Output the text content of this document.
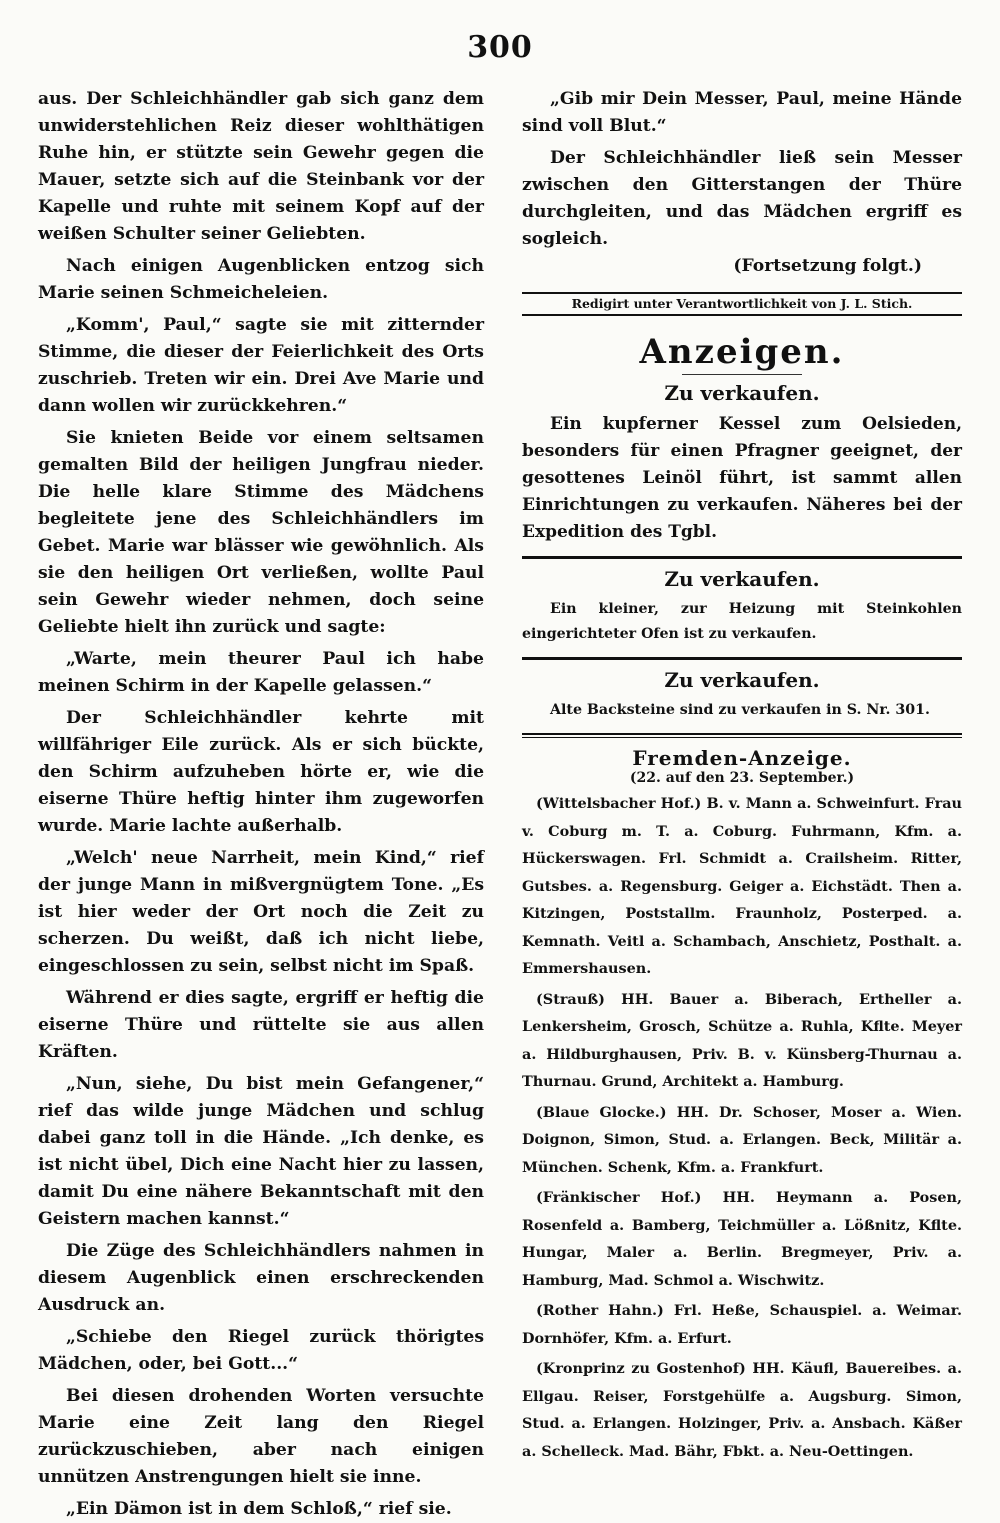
300

aus. Der Schleichhändler gab sich ganz dem unwiderstehlichen Reiz dieser wohlthätigen Ruhe hin, er stützte sein Gewehr gegen die Mauer, setzte sich auf die Steinbank vor der Kapelle und ruhte mit seinem Kopf auf der weißen Schulter seiner Geliebten.

Nach einigen Augenblicken entzog sich Marie seinen Schmeicheleien.

„Komm', Paul,“ sagte sie mit zitternder Stimme, die dieser der Feierlichkeit des Orts zuschrieb. Treten wir ein. Drei Ave Marie und dann wollen wir zurückkehren.“

Sie knieten Beide vor einem seltsamen gemalten Bild der heiligen Jungfrau nieder. Die helle klare Stimme des Mädchens begleitete jene des Schleichhändlers im Gebet. Marie war blässer wie gewöhnlich. Als sie den heiligen Ort verließen, wollte Paul sein Gewehr wieder nehmen, doch seine Geliebte hielt ihn zurück und sagte:

„Warte, mein theurer Paul ich habe meinen Schirm in der Kapelle gelassen.“

Der Schleichhändler kehrte mit willfähriger Eile zurück. Als er sich bückte, den Schirm aufzuheben hörte er, wie die eiserne Thüre heftig hinter ihm zugeworfen wurde. Marie lachte außerhalb.

„Welch' neue Narrheit, mein Kind,“ rief der junge Mann in mißvergnügtem Tone. „Es ist hier weder der Ort noch die Zeit zu scherzen. Du weißt, daß ich nicht liebe, eingeschlossen zu sein, selbst nicht im Spaß.

Während er dies sagte, ergriff er heftig die eiserne Thüre und rüttelte sie aus allen Kräften.

„Nun, siehe, Du bist mein Gefangener,“ rief das wilde junge Mädchen und schlug dabei ganz toll in die Hände. „Ich denke, es ist nicht übel, Dich eine Nacht hier zu lassen, damit Du eine nähere Bekanntschaft mit den Geistern machen kannst.“

Die Züge des Schleichhändlers nahmen in diesem Augenblick einen erschreckenden Ausdruck an.

„Schiebe den Riegel zurück thörigtes Mädchen, oder, bei Gott...“

Bei diesen drohenden Worten versuchte Marie eine Zeit lang den Riegel zurückzuschieben, aber nach einigen unnützen Anstrengungen hielt sie inne.

„Ein Dämon ist in dem Schloß,“ rief sie.

„Gib mir Dein Messer, Paul, meine Hände sind voll Blut.“

Der Schleichhändler ließ sein Messer zwischen den Gitterstangen der Thüre durchgleiten, und das Mädchen ergriff es sogleich.

(Fortsetzung folgt.)

Redigirt unter Verantwortlichkeit von J. L. Stich.
Anzeigen.
Zu verkaufen.

Ein kupferner Kessel zum Oelsieden, besonders für einen Pfragner geeignet, der gesottenes Leinöl führt, ist sammt allen Einrichtungen zu verkaufen. Näheres bei der Expedition des Tgbl.

Zu verkaufen.

Ein kleiner, zur Heizung mit Steinkohlen eingerichteter Ofen ist zu verkaufen.

Zu verkaufen.

Alte Backsteine sind zu verkaufen in S. Nr. 301.

Fremden-Anzeige.
(22. auf den 23. September.)

(Wittelsbacher Hof.) B. v. Mann a. Schweinfurt. Frau v. Coburg m. T. a. Coburg. Fuhrmann, Kfm. a. Hückerswagen. Frl. Schmidt a. Crailsheim. Ritter, Gutsbes. a. Regensburg. Geiger a. Eichstädt. Then a. Kitzingen, Poststallm. Fraunholz, Posterped. a. Kemnath. Veitl a. Schambach, Anschietz, Posthalt. a. Emmershausen.

(Strauß) HH. Bauer a. Biberach, Ertheller a. Lenkersheim, Grosch, Schütze a. Ruhla, Kflte. Meyer a. Hildburghausen, Priv. B. v. Künsberg-Thurnau a. Thurnau. Grund, Architekt a. Hamburg.

(Blaue Glocke.) HH. Dr. Schoser, Moser a. Wien. Doignon, Simon, Stud. a. Erlangen. Beck, Militär a. München. Schenk, Kfm. a. Frankfurt.

(Fränkischer Hof.) HH. Heymann a. Posen, Rosenfeld a. Bamberg, Teichmüller a. Lößnitz, Kflte. Hungar, Maler a. Berlin. Bregmeyer, Priv. a. Hamburg, Mad. Schmol a. Wischwitz.

(Rother Hahn.) Frl. Heße, Schauspiel. a. Weimar. Dornhöfer, Kfm. a. Erfurt.

(Kronprinz zu Gostenhof) HH. Käufl, Bauereibes. a. Ellgau. Reiser, Forstgehülfe a. Augsburg. Simon, Stud. a. Erlangen. Holzinger, Priv. a. Ansbach. Käßer a. Schelleck. Mad. Bähr, Fbkt. a. Neu-Oettingen.
